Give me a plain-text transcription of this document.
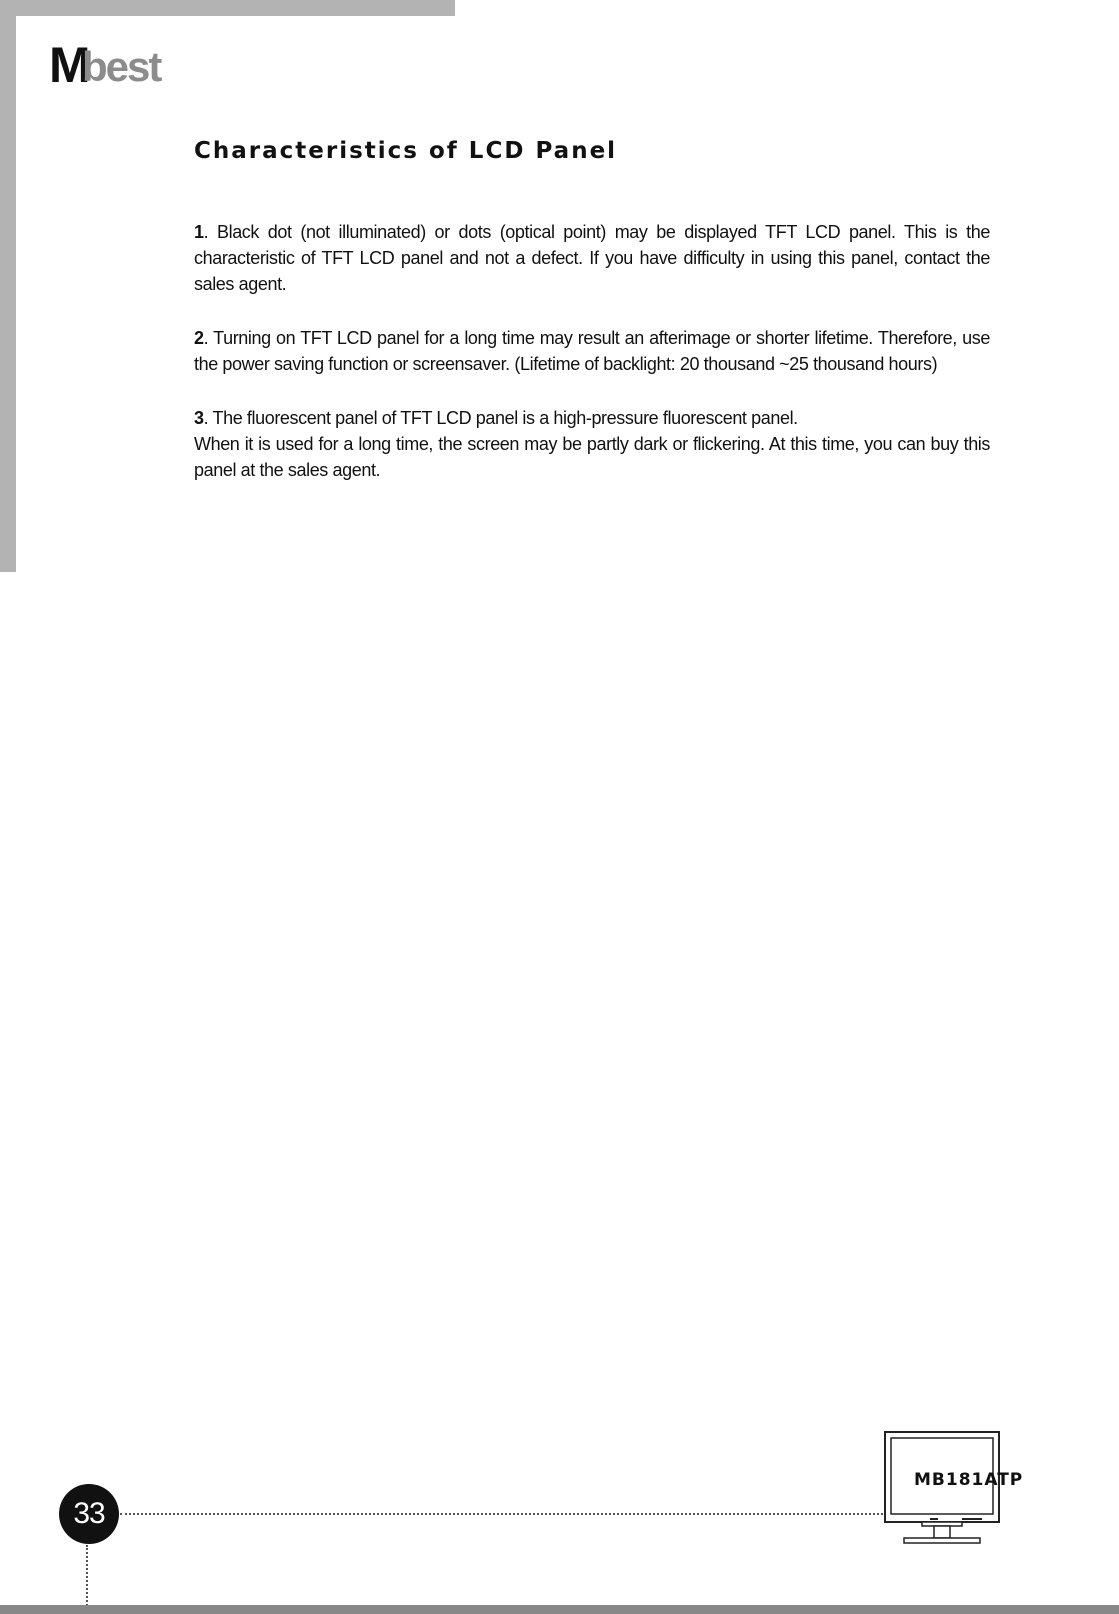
M
best
Characteristics of LCD Panel

1. Black dot (not illuminated) or dots (optical point) may be displayed TFT LCD panel. This is the characteristic of TFT LCD panel and not a defect. If you have difficulty in using this panel, contact the sales agent.

2. Turning on TFT LCD panel for a long time may result an afterimage or shorter lifetime. Therefore, use the power saving function or screensaver. (Lifetime of backlight: 20 thousand ~25 thousand hours)

3. The fluorescent panel of TFT LCD panel is a high-pressure fluorescent panel.
When it is used for a long time, the screen may be partly dark or flickering. At this time, you can buy this panel at the sales agent.

33
MB181ATP
